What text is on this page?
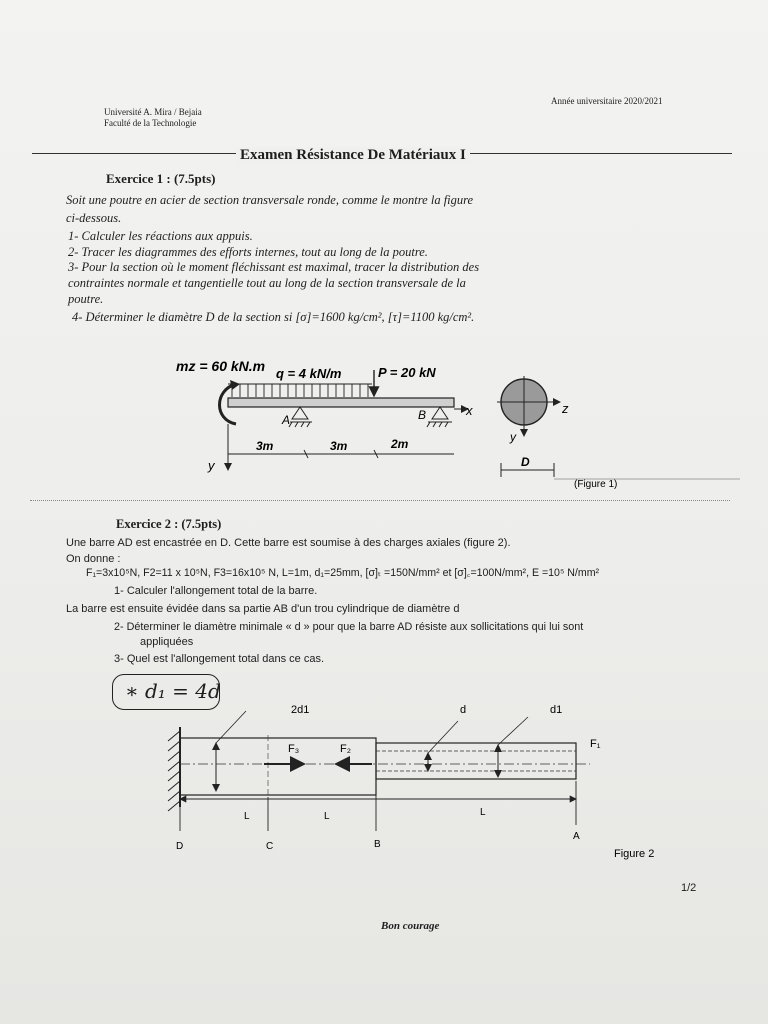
Université A. Mira / Bejaia
Faculté de la Technologie
Année universitaire 2020/2021
Examen Résistance De Matériaux I
Exercice 1 : (7.5pts)
Soit une poutre en acier de section transversale ronde, comme le montre la figure
ci-dessous.
1- Calculer les réactions aux appuis.
2- Tracer les diagrammes des efforts internes, tout au long de la poutre.
3- Pour la section où le moment fléchissant est maximal, tracer la distribution des
contraintes normale et tangentielle tout au long de la section transversale de la
poutre.
4- Déterminer le diamètre D de la section si [σ]=1600 kg/cm², [τ]=1100 kg/cm².
mz = 60 kN.m q = 4 kN/m	P = 20 kN
A	B	x
y
3m	3m	2m
z
y
D
(Figure 1)
Exercice 2 : (7.5pts)
Une barre AD est encastrée en D. Cette barre est soumise à des charges axiales (figure 2).
On donne :
F₁=3x10⁵N, F2=11 x 10⁵N, F3=16x10⁵ N, L=1m, d₁=25mm, [σ]ₜ =150N/mm² et [σ]꜀=100N/mm², E =10⁵ N/mm²
1- Calculer l'allongement total de la barre.
La barre est ensuite évidée dans sa partie AB d'un trou cylindrique de diamètre d
2- Déterminer le diamètre minimale « d » pour que la barre AD résiste aux sollicitations qui lui sont
appliquées
3- Quel est l'allongement total dans ce cas.
∗ d₁ = 4d
2d1	d	d1
F₁
F₂
F₃
L	L	L
D	C	B
A
Figure 2
1/2
Bon courage
